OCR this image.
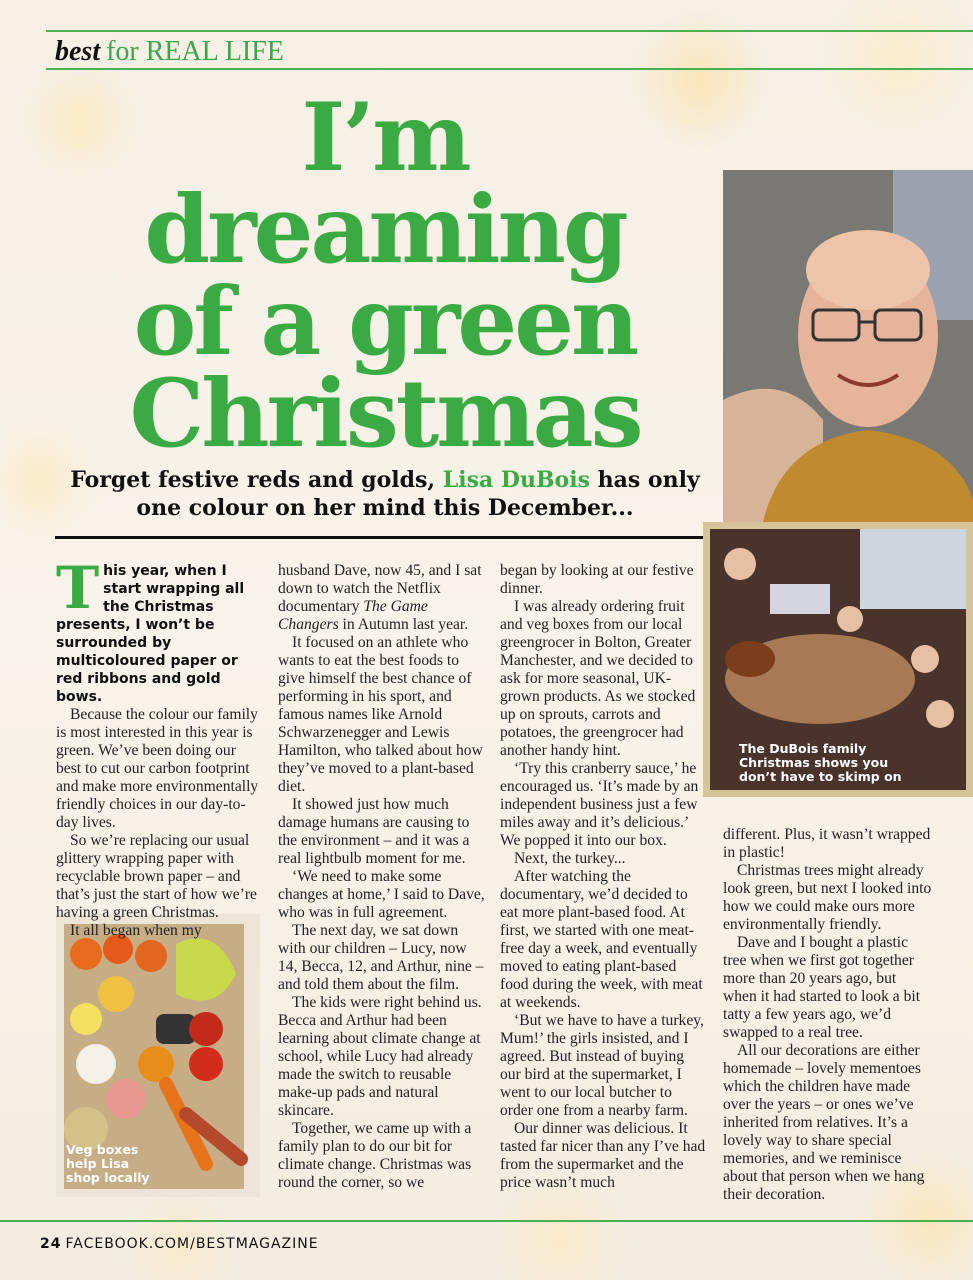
best for REAL LIFE
I’m
dreaming
of a green
Christmas
Forget festive reds and golds, Lisa DuBois has only one colour on her mind this December...
The DuBois family Christmas shows you don’t have to skimp on
Veg boxes help Lisa shop locally

This year, when I start wrapping all the Christmas presents, I won’t be surrounded by multicoloured paper or red ribbons and gold bows.

Because the colour our family is most interested in this year is green. We’ve been doing our best to cut our carbon footprint and make more environmentally friendly choices in our day-to-day lives.

So we’re replacing our usual glittery wrapping paper with recyclable brown paper – and that’s just the start of how we’re having a green Christmas.

It all began when my

husband Dave, now 45, and I sat down to watch the Netflix documentary The Game Changers in Autumn last year.

It focused on an athlete who wants to eat the best foods to give himself the best chance of performing in his sport, and famous names like Arnold Schwarzenegger and Lewis Hamilton, who talked about how they’ve moved to a plant-based diet.

It showed just how much damage humans are causing to the environment – and it was a real lightbulb moment for me.

‘We need to make some changes at home,’ I said to Dave, who was in full agreement.

The next day, we sat down with our children – Lucy, now 14, Becca, 12, and Arthur, nine – and told them about the film.

The kids were right behind us. Becca and Arthur had been learning about climate change at school, while Lucy had already made the switch to reusable make-up pads and natural skincare.

Together, we came up with a family plan to do our bit for climate change. Christmas was round the corner, so we

began by looking at our festive dinner.

I was already ordering fruit and veg boxes from our local greengrocer in Bolton, Greater Manchester, and we decided to ask for more seasonal, UK-grown products. As we stocked up on sprouts, carrots and potatoes, the greengrocer had another handy hint.

‘Try this cranberry sauce,’ he encouraged us. ‘It’s made by an independent business just a few miles away and it’s delicious.’ We popped it into our box.

Next, the turkey...

After watching the documentary, we’d decided to eat more plant-based food. At first, we started with one meat-free day a week, and eventually moved to eating plant-based food during the week, with meat at weekends.

‘But we have to have a turkey, Mum!’ the girls insisted, and I agreed. But instead of buying our bird at the supermarket, I went to our local butcher to order one from a nearby farm.

Our dinner was delicious. It tasted far nicer than any I’ve had from the supermarket and the price wasn’t much

different. Plus, it wasn’t wrapped in plastic!

Christmas trees might already look green, but next I looked into how we could make ours more environmentally friendly.

Dave and I bought a plastic tree when we first got together more than 20 years ago, but when it had started to look a bit tatty a few years ago, we’d swapped to a real tree.

All our decorations are either homemade – lovely mementoes which the children have made over the years – or ones we’ve inherited from relatives. It’s a lovely way to share special memories, and we reminisce about that person when we hang their decoration.

24 FACEBOOK.COM/BESTMAGAZINE
